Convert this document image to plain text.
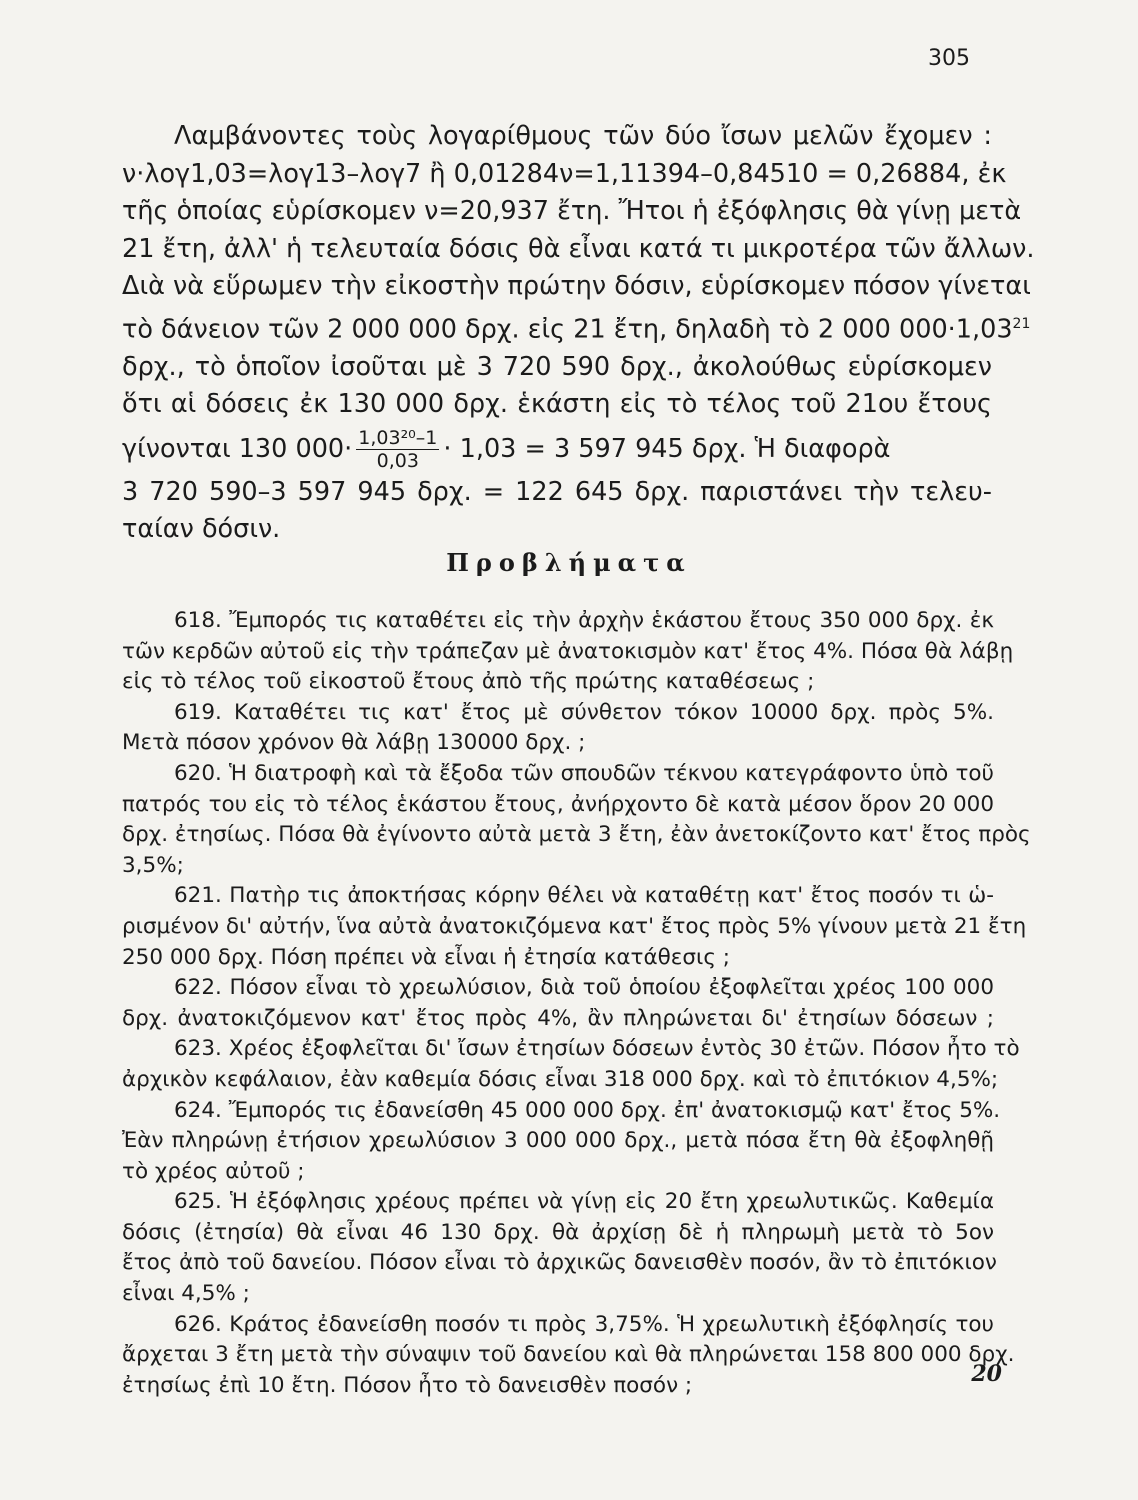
305
Λαμβάνοντες τοὺς λογαρίθμους τῶν δύο ἴσων μελῶν ἔχομεν :
ν·λογ1,03=λογ13–λογ7 ἢ 0,01284ν=1,11394–0,84510 = 0,26884, ἐκ
τῆς ὁποίας εὑρίσκομεν ν=20,937 ἔτη. Ἤτοι ἡ ἐξόφλησις θὰ γίνῃ μετὰ
21 ἔτη, ἀλλ' ἡ τελευταία δόσις θὰ εἶναι κατά τι μικροτέρα τῶν ἄλλων.
Διὰ νὰ εὕρωμεν τὴν εἰκοστὴν πρώτην δόσιν, εὑρίσκομεν πόσον γίνεται
τὸ δάνειον τῶν 2 000 000 δρχ. εἰς 21 ἔτη, δηλαδὴ τὸ 2 000 $000\cdot 1,03^{21}$
δρχ., τὸ ὁποῖον ἰσοῦται μὲ 3 720 590 δρχ., ἀκολούθως εὑρίσκομεν
ὅτι αἱ δόσεις ἐκ 130 000 δρχ. ἑκάστη εἰς τὸ τέλος τοῦ 21ου ἔτους
γίνονται 130 $000\cdot \frac{\text{1,03²⁰–1}}{0,03} \cdot 1,03 = 3$ 597 945 δρχ. Ἡ διαφορὰ
3 720 590–3 597 945 δρχ. = 122 645 δρχ. παριστάνει τὴν τελευ-
ταίαν δόσιν.
Προβλήματα
618. Ἔμπορός τις καταθέτει εἰς τὴν ἀρχὴν ἑκάστου ἔτους 350 000 δρχ. ἐκ
τῶν κερδῶν αὐτοῦ εἰς τὴν τράπεζαν μὲ ἀνατοκισμὸν κατ' ἔτος 4%. Πόσα θὰ λάβῃ
εἰς τὸ τέλος τοῦ εἰκοστοῦ ἔτους ἀπὸ τῆς πρώτης καταθέσεως ;
619. Καταθέτει τις κατ' ἔτος μὲ σύνθετον τόκον 10000 δρχ. πρὸς 5%.
Μετὰ πόσον χρόνον θὰ λάβῃ 130000 δρχ. ;
620. Ἡ διατροφὴ καὶ τὰ ἔξοδα τῶν σπουδῶν τέκνου κατεγράφοντο ὑπὸ τοῦ
πατρός του εἰς τὸ τέλος ἑκάστου ἔτους, ἀνήρχοντο δὲ κατὰ μέσον ὅρον 20 000
δρχ. ἐτησίως. Πόσα θὰ ἐγίνοντο αὐτὰ μετὰ 3 ἔτη, ἐὰν ἀνετοκίζοντο κατ' ἔτος πρὸς
3,5%;
621. Πατὴρ τις ἀποκτήσας κόρην θέλει νὰ καταθέτῃ κατ' ἔτος ποσόν τι ὡ-
ρισμένον δι' αὐτήν, ἵνα αὐτὰ ἀνατοκιζόμενα κατ' ἔτος πρὸς 5% γίνουν μετὰ 21 ἔτη
250 000 δρχ. Πόση πρέπει νὰ εἶναι ἡ ἐτησία κατάθεσις ;
622. Πόσον εἶναι τὸ χρεωλύσιον, διὰ τοῦ ὁποίου ἐξοφλεῖται χρέος 100 000
δρχ. ἀνατοκιζόμενον κατ' ἔτος πρὸς 4%, ἂν πληρώνεται δι' ἐτησίων δόσεων ;
623. Χρέος ἐξοφλεῖται δι' ἴσων ἐτησίων δόσεων ἐντὸς 30 ἐτῶν. Πόσον ἦτο τὸ
ἀρχικὸν κεφάλαιον, ἐὰν καθεμία δόσις εἶναι 318 000 δρχ. καὶ τὸ ἐπιτόκιον 4,5%;
624. Ἔμπορός τις ἐδανείσθη 45 000 000 δρχ. ἐπ' ἀνατοκισμῷ κατ' ἔτος 5%.
Ἐὰν πληρώνῃ ἐτήσιον χρεωλύσιον 3 000 000 δρχ., μετὰ πόσα ἔτη θὰ ἐξοφληθῇ
τὸ χρέος αὐτοῦ ;
625. Ἡ ἐξόφλησις χρέους πρέπει νὰ γίνῃ εἰς 20 ἔτη χρεωλυτικῶς. Καθεμία
δόσις (ἐτησία) θὰ εἶναι 46 130 δρχ. θὰ ἀρχίσῃ δὲ ἡ πληρωμὴ μετὰ τὸ 5ον
ἔτος ἀπὸ τοῦ δανείου. Πόσον εἶναι τὸ ἀρχικῶς δανεισθὲν ποσόν, ἂν τὸ ἐπιτόκιον
εἶναι 4,5% ;
626. Κράτος ἐδανείσθη ποσόν τι πρὸς 3,75%. Ἡ χρεωλυτικὴ ἐξόφλησίς του
ἄρχεται 3 ἔτη μετὰ τὴν σύναψιν τοῦ δανείου καὶ θὰ πληρώνεται 158 800 000 δρχ.
ἐτησίως ἐπὶ 10 ἔτη. Πόσον ἦτο τὸ δανεισθὲν ποσόν ;	20
